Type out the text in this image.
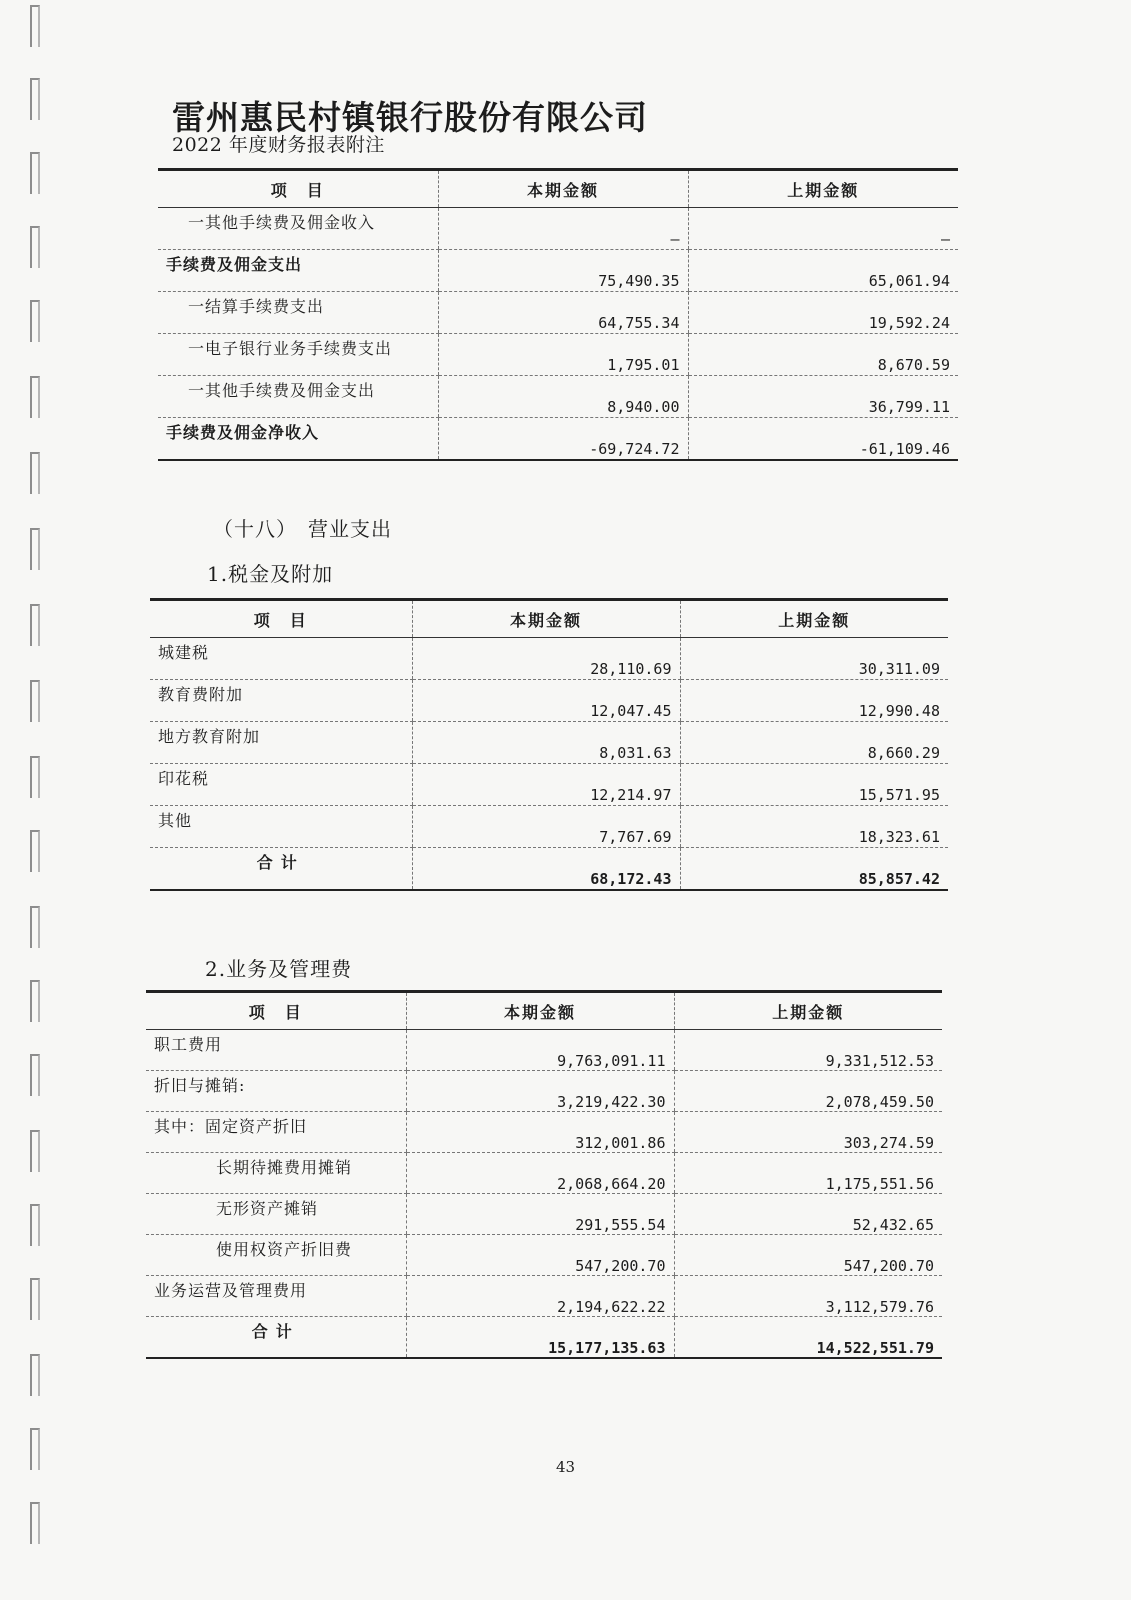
雷州惠民村镇银行股份有限公司
2022 年度财务报表附注
项　目	本期金额	上期金额
一其他手续费及佣金收入	—	—
手续费及佣金支出	75,490.35	65,061.94
一结算手续费支出	64,755.34	19,592.24
一电子银行业务手续费支出	1,795.01	8,670.59
一其他手续费及佣金支出	8,940.00	36,799.11
手续费及佣金净收入	-69,724.72	-61,109.46
（十八）　营业支出
1.税金及附加
项　目	本期金额	上期金额
城建税	28,110.69	30,311.09
教育费附加	12,047.45	12,990.48
地方教育附加	8,031.63	8,660.29
印花税	12,214.97	15,571.95
其他	7,767.69	18,323.61
合计	68,172.43	85,857.42
2.业务及管理费
项　目	本期金额	上期金额
职工费用	9,763,091.11	9,331,512.53
折旧与摊销:	3,219,422.30	2,078,459.50
其中：固定资产折旧	312,001.86	303,274.59
长期待摊费用摊销	2,068,664.20	1,175,551.56
无形资产摊销	291,555.54	52,432.65
使用权资产折旧费	547,200.70	547,200.70
业务运营及管理费用	2,194,622.22	3,112,579.76
合计	15,177,135.63	14,522,551.79
43
